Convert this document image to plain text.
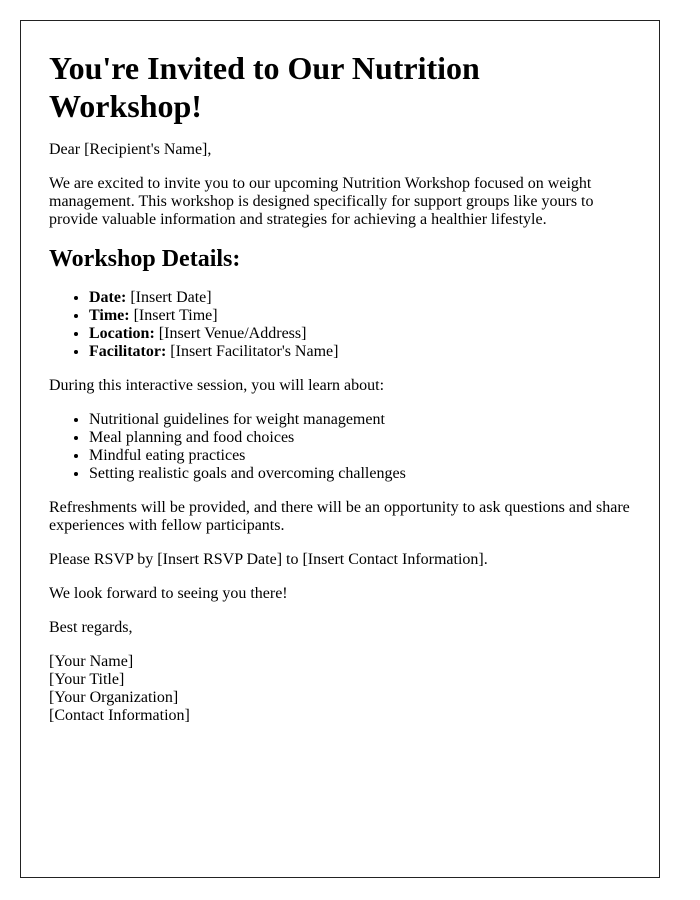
You're Invited to Our Nutrition Workshop!

Dear [Recipient's Name],

We are excited to invite you to our upcoming Nutrition Workshop focused on weight management. This workshop is designed specifically for support groups like yours to provide valuable information and strategies for achieving a healthier lifestyle.

Workshop Details:
• Date: [Insert Date]
• Time: [Insert Time]
• Location: [Insert Venue/Address]
• Facilitator: [Insert Facilitator's Name]

During this interactive session, you will learn about:

• Nutritional guidelines for weight management
• Meal planning and food choices
• Mindful eating practices
• Setting realistic goals and overcoming challenges

Refreshments will be provided, and there will be an opportunity to ask questions and share experiences with fellow participants.

Please RSVP by [Insert RSVP Date] to [Insert Contact Information].

We look forward to seeing you there!

Best regards,

[Your Name]

[Your Title]

[Your Organization]

[Contact Information]
